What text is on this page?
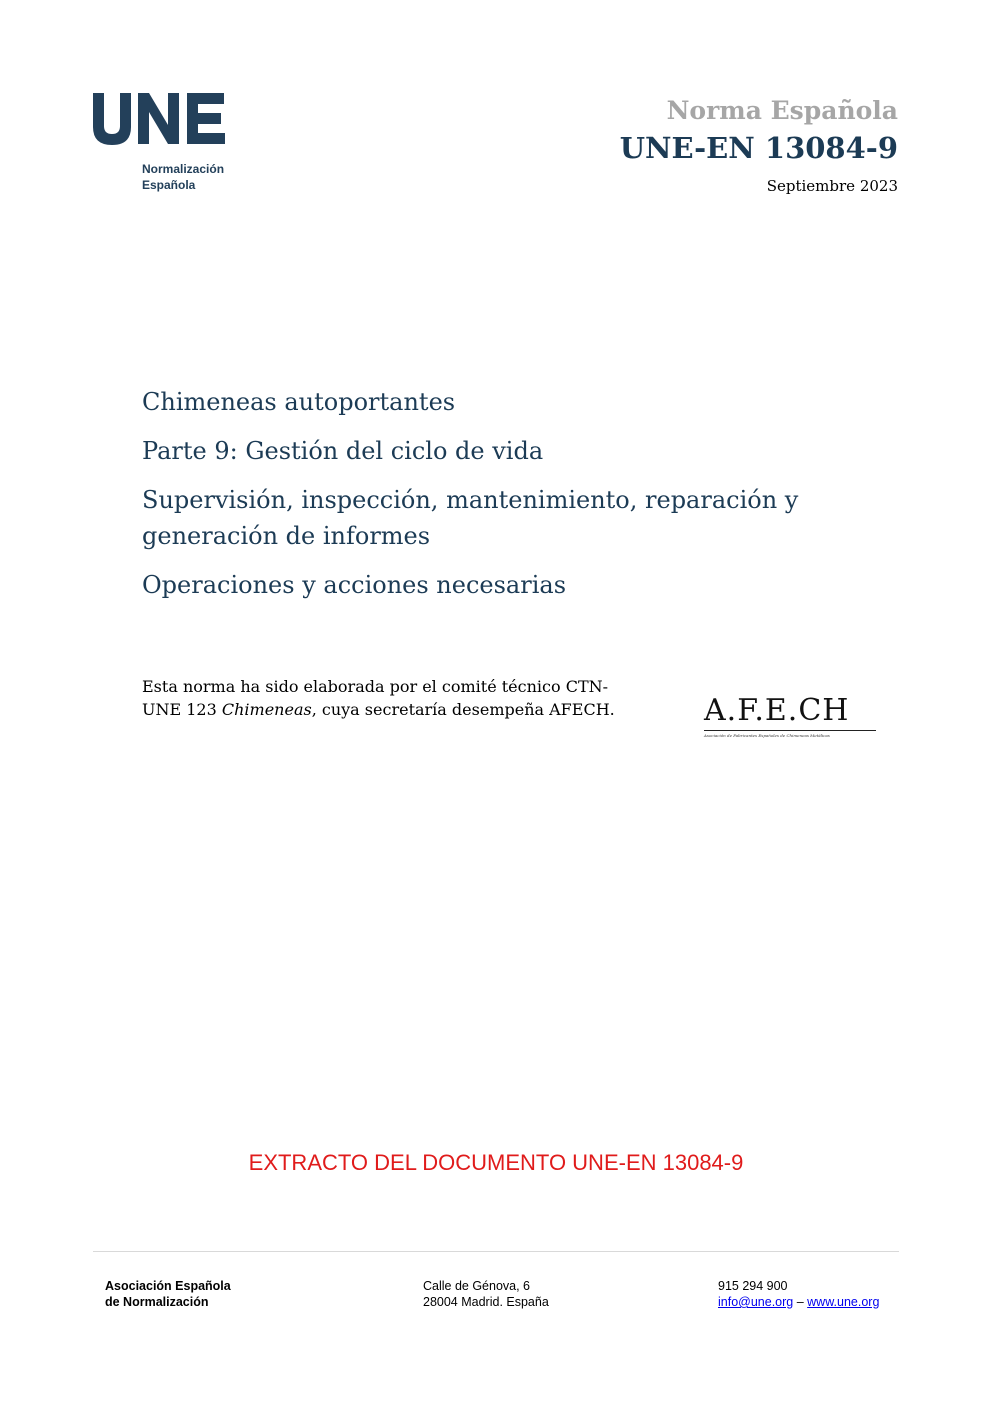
Normalización
Española
Norma Española
UNE-EN 13084-9
Septiembre 2023
Chimeneas autoportantes
Parte 9: Gestión del ciclo de vida
Supervisión, inspección, mantenimiento, reparación y generación de informes
Operaciones y acciones necesarias
Esta norma ha sido elaborada por el comité técnico CTN-UNE 123 Chimeneas, cuya secretaría desempeña AFECH.	A.F.E.CH
Asociación de Fabricantes Españoles de Chimeneas Metálicas
EXTRACTO DEL DOCUMENTO UNE-EN 13084-9
Asociación Española
de Normalización
Calle de Génova, 6
28004 Madrid. España
915 294 900
info@une.org – www.une.org
